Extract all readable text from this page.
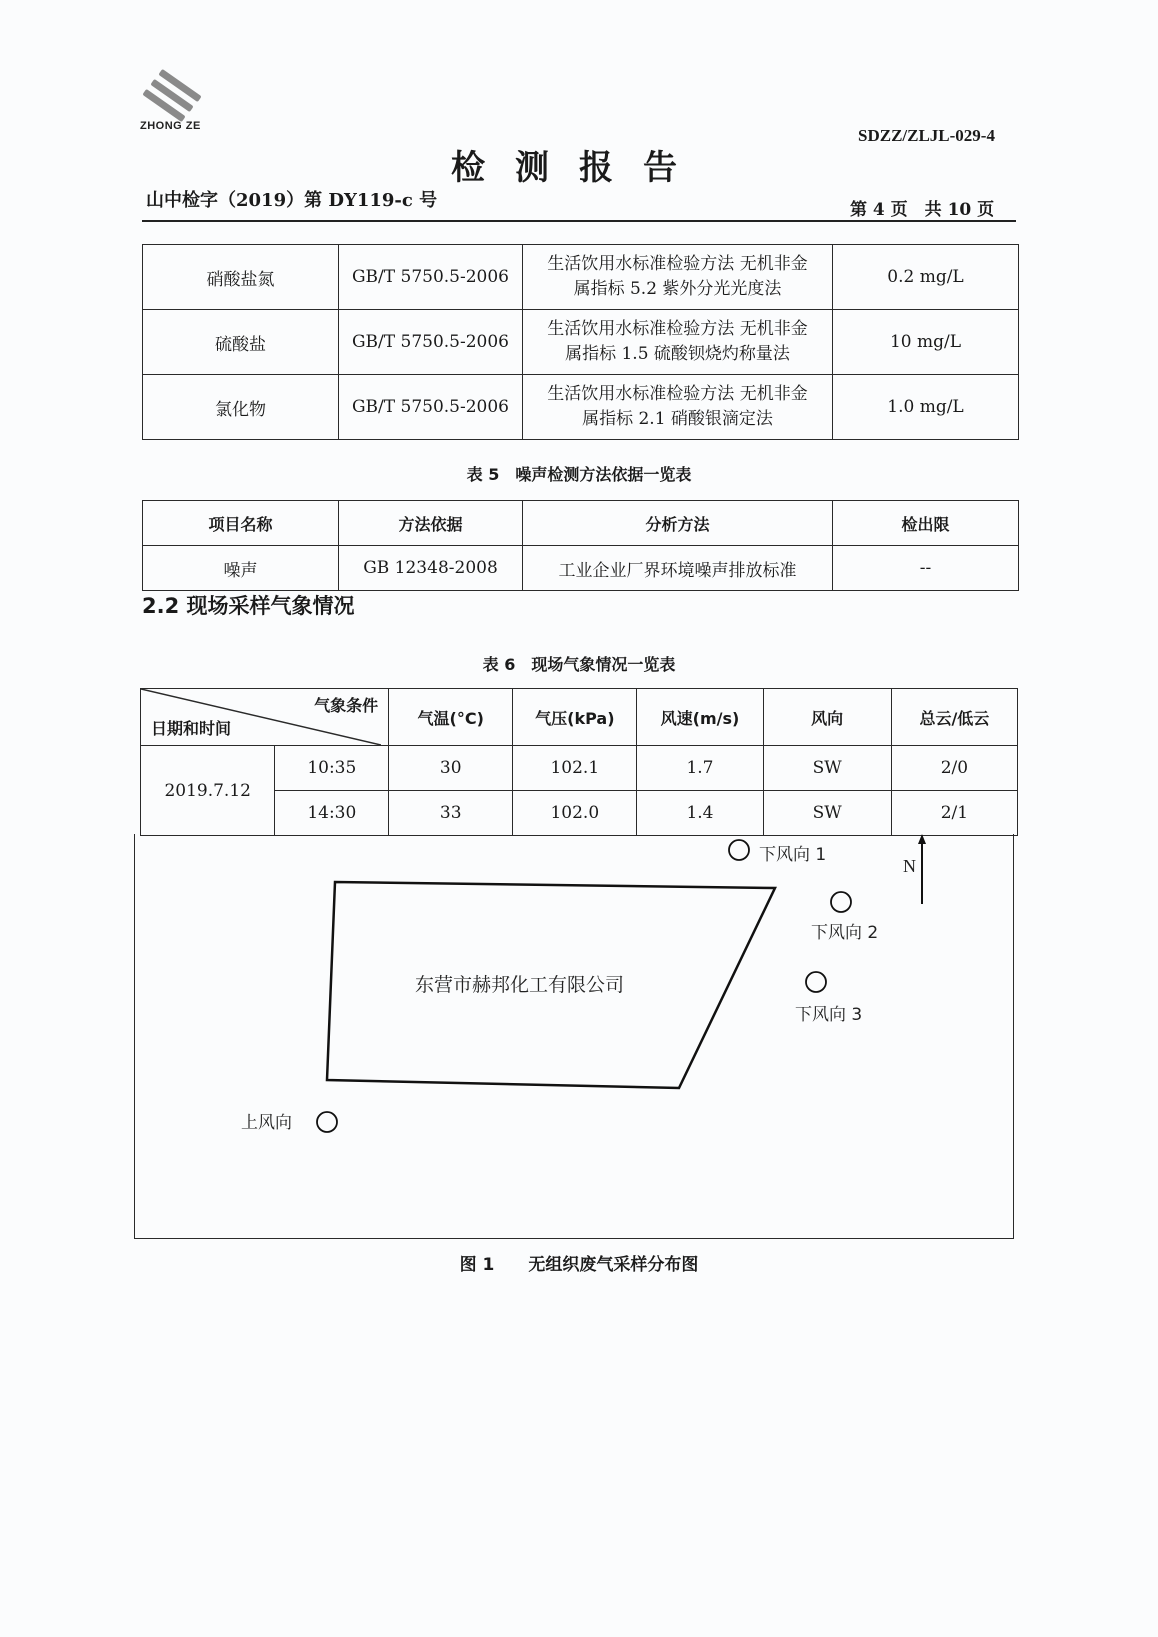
ZHONG ZE	SDZZ/ZLJL-029-4
检测报告
山中检字（2019）第 DY119-c 号	第 4 页　共 10 页
硝酸盐氮	GB/T 5750.5-2006	生活饮用水标准检验方法 无机非金
属指标 5.2 紫外分光光度法	0.2 mg/L
硫酸盐	GB/T 5750.5-2006	生活饮用水标准检验方法 无机非金
属指标 1.5 硫酸钡烧灼称量法	10 mg/L
氯化物	GB/T 5750.5-2006	生活饮用水标准检验方法 无机非金
属指标 2.1 硝酸银滴定法	1.0 mg/L
表 5　噪声检测方法依据一览表
项目名称	方法依据	分析方法	检出限
噪声	GB 12348-2008	工业企业厂界环境噪声排放标准	--
2.2 现场采样气象情况
表 6　现场气象情况一览表
气象条件
日期和时间		气温(°C)	气压(kPa)	风速(m/s)	风向	总云/低云
2019.7.12	10:35	30	102.1	1.7	SW	2/0
	14:30	33	102.0	1.4	SW	2/1
东营市赫邦化工有限公司
下风向 1
下风向 2
下风向 3
上风向
N
图 1　　无组织废气采样分布图
